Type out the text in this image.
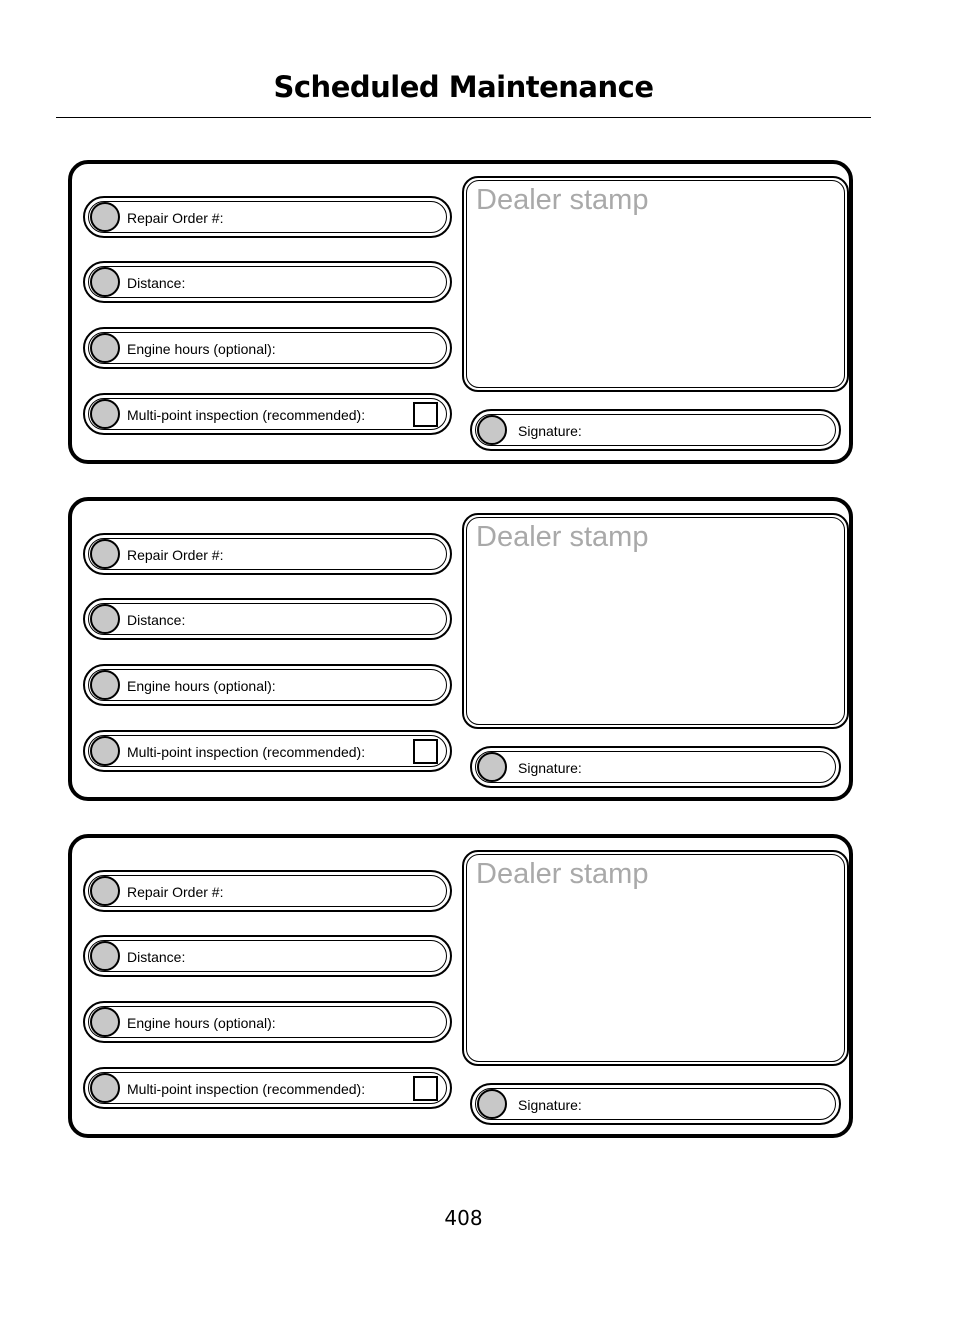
Scheduled Maintenance
Repair Order #:
Distance:
Engine hours (optional):
Multi-point inspection (recommended):
Dealer stamp
Signature:
Repair Order #:
Distance:
Engine hours (optional):
Multi-point inspection (recommended):
Dealer stamp
Signature:
Repair Order #:
Distance:
Engine hours (optional):
Multi-point inspection (recommended):
Dealer stamp
Signature:
408
